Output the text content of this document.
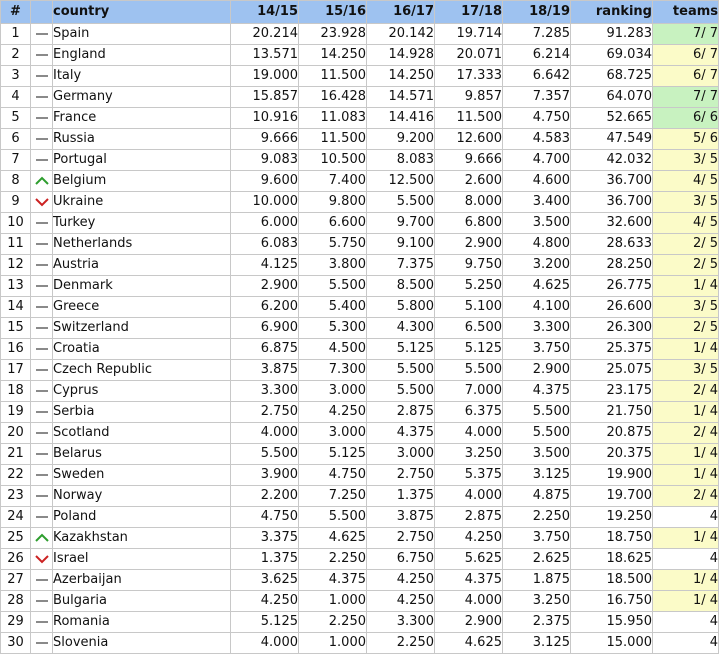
#		country	14/15	15/16	16/17	17/18	18/19	ranking	teams
1		Spain	20.214	23.928	20.142	19.714	7.285	91.283	7/ 7
2		England	13.571	14.250	14.928	20.071	6.214	69.034	6/ 7
3		Italy	19.000	11.500	14.250	17.333	6.642	68.725	6/ 7
4		Germany	15.857	16.428	14.571	9.857	7.357	64.070	7/ 7
5		France	10.916	11.083	14.416	11.500	4.750	52.665	6/ 6
6		Russia	9.666	11.500	9.200	12.600	4.583	47.549	5/ 6
7		Portugal	9.083	10.500	8.083	9.666	4.700	42.032	3/ 5
8		Belgium	9.600	7.400	12.500	2.600	4.600	36.700	4/ 5
9		Ukraine	10.000	9.800	5.500	8.000	3.400	36.700	3/ 5
10		Turkey	6.000	6.600	9.700	6.800	3.500	32.600	4/ 5
11		Netherlands	6.083	5.750	9.100	2.900	4.800	28.633	2/ 5
12		Austria	4.125	3.800	7.375	9.750	3.200	28.250	2/ 5
13		Denmark	2.900	5.500	8.500	5.250	4.625	26.775	1/ 4
14		Greece	6.200	5.400	5.800	5.100	4.100	26.600	3/ 5
15		Switzerland	6.900	5.300	4.300	6.500	3.300	26.300	2/ 5
16		Croatia	6.875	4.500	5.125	5.125	3.750	25.375	1/ 4
17		Czech Republic	3.875	7.300	5.500	5.500	2.900	25.075	3/ 5
18		Cyprus	3.300	3.000	5.500	7.000	4.375	23.175	2/ 4
19		Serbia	2.750	4.250	2.875	6.375	5.500	21.750	1/ 4
20		Scotland	4.000	3.000	4.375	4.000	5.500	20.875	2/ 4
21		Belarus	5.500	5.125	3.000	3.250	3.500	20.375	1/ 4
22		Sweden	3.900	4.750	2.750	5.375	3.125	19.900	1/ 4
23		Norway	2.200	7.250	1.375	4.000	4.875	19.700	2/ 4
24		Poland	4.750	5.500	3.875	2.875	2.250	19.250	4
25		Kazakhstan	3.375	4.625	2.750	4.250	3.750	18.750	1/ 4
26		Israel	1.375	2.250	6.750	5.625	2.625	18.625	4
27		Azerbaijan	3.625	4.375	4.250	4.375	1.875	18.500	1/ 4
28		Bulgaria	4.250	1.000	4.250	4.000	3.250	16.750	1/ 4
29		Romania	5.125	2.250	3.300	2.900	2.375	15.950	4
30		Slovenia	4.000	1.000	2.250	4.625	3.125	15.000	4
